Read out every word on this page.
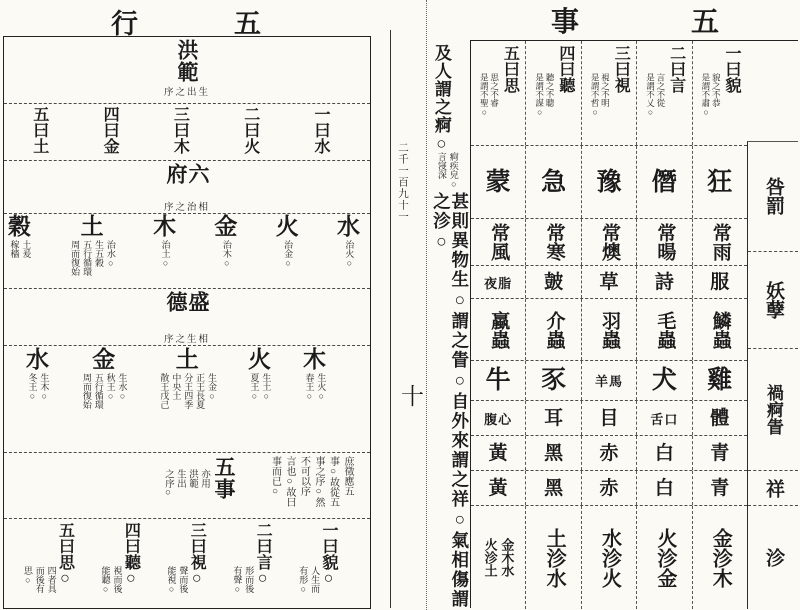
五
行
洪範
序之出生
一曰水
二曰火
三曰木
四曰金
五曰土
六府
序之治相
水
治火○
火
治金○
金
治木○
木
治土○
土
治水○
生五穀
五行循環
周而復始
穀
土爰
稼穡
盛德
序之生相
木
生火○
春王○
火
生土○
夏王○
土
生金○
正王長夏
分王四季
中央土
散王戊己
金
生水○
秋王○
五行循環
周而復始
水
生木○
冬王○
庶徵應五
事○故從五
事之序○然
不可以序
言也○故曰
事而已○
五事
亦用
洪範
生出
之序○
一曰貌○
人生而
有形○
二曰言○
形而後
有聲○
三曰視○
聲而後
能視○
四曰聽○
視而後
能聽○
五曰思○
四者具
而後有
思○
二千一百九十一
十
及人謂之痾○
痾疾皃○
言寖深
甚則異物生○謂之眚○自外來謂之祥○氣相傷謂之沴○
五
事
一曰貌
貌之不恭
是謂不肅○
二曰言
言之不從
是謂不乂○
三曰視
視之不明
是謂不哲○
四曰聽
聽之不聰
是謂不謀○
五曰思
思之不睿
是謂不聖○
狂
僭
豫
急
蒙
常雨
常暘
常燠
常寒
常風
服
詩
草
皷
脂夜
鱗蟲
毛蟲
羽蟲
介蟲
蠃蟲
雞
犬
馬羊
豕
牛
體
口舌
目
耳
心腹
青
白
赤
黑
黃
青
白
赤
黑
黃
金沴木
火沴金
水沴火
土沴水
金木水
火沴土
咎罰
妖孽
禍痾眚
祥
沴
